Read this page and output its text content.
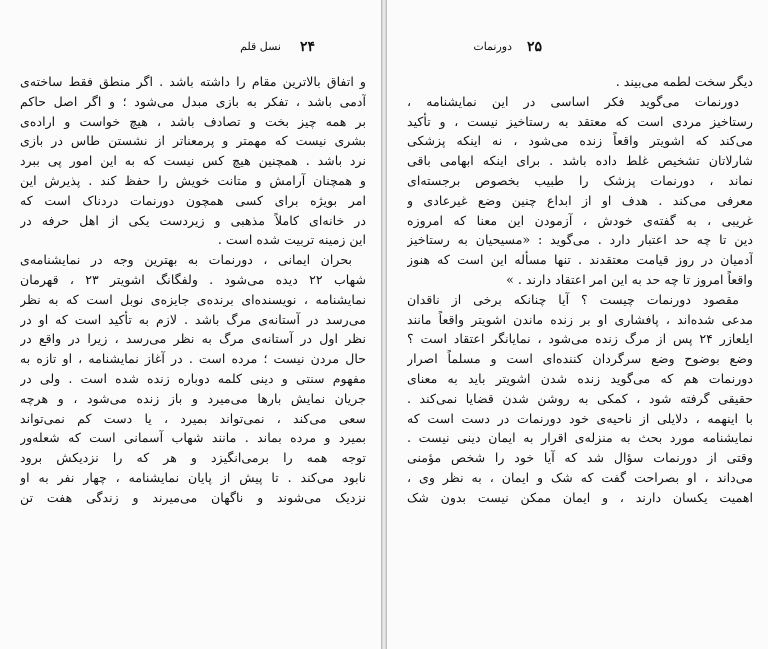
۲۴
نسل قلم
و اتفاق بالاترین مقام را داشته باشد . اگر منطق فقط ساخته‌ی
آدمی باشد ، تفکر به بازی مبدل می‌شود ؛ و اگر اصل حاکم
بر همه چیز بخت و تصادف باشد ، هیچ خواست و اراده‌ی
بشری نیست که مهمتر و پرمعناتر از نشستن طاس در بازی
نرد باشد . همچنین هیچ کس نیست که به این امور پی ببرد
و همچنان آرامش و متانت خویش را حفظ کند . پذیرش این
امر بویژه برای کسی همچون دورنمات دردناک است که
در خانه‌ای کاملاً مذهبی و زیردست یکی از اهل حرفه در
این زمینه تربیت شده است .
بحران ایمانی ، دورنمات به بهترین وجه در نمایشنامه‌ی
شهاب ۲۲ دیده می‌شود . ولفگانگ اشویتر ۲۳ ، قهرمان
نمایشنامه ، نویسنده‌ای برنده‌ی جایزه‌ی نوبل است که به نظر
می‌رسد در آستانه‌ی مرگ باشد . لازم به تأکید است که او در
نظر اول در آستانه‌ی مرگ به نظر می‌رسد ، زیرا در واقع در
حال مردن نیست ؛ مرده است . در آغاز نمایشنامه ، او تازه به
مفهوم سنتی و دینی کلمه دوباره زنده شده است . ولی در
جریان نمایش بارها می‌میرد و باز زنده می‌شود ، و هرچه
سعی می‌کند ، نمی‌تواند بمیرد ، یا دست کم نمی‌تواند
بمیرد و مرده بماند . مانند شهاب آسمانی است که شعله‌ور
توجه همه را برمی‌انگیزد و هر که را نزدیکش برود
نابود می‌کند . تا پیش از پایان نمایشنامه ، چهار نفر به او
نزدیک می‌شوند و ناگهان می‌میرند و زندگی هفت تن
۲۵
دورنمات
دیگر سخت لطمه می‌بیند .
دورنمات می‌گوید فکر اساسی در این نمایشنامه ،
رستاخیز مردی است که معتقد به رستاخیز نیست ، و تأکید
می‌کند که اشویتر واقعاً زنده می‌شود ، نه اینکه پزشکی
شارلاتان تشخیص غلط داده باشد . برای اینکه ابهامی باقی
نماند ، دورنمات پزشک را طبیب بخصوص برجسته‌ای
معرفی می‌کند . هدف او از ابداع چنین وضع غیرعادی و
غریبی ، به گفته‌ی خودش ، آزمودن این معنا که امروزه
دین تا چه حد اعتبار دارد . می‌گوید : «مسیحیان به رستاخیز
آدمیان در روز قیامت معتقدند . تنها مسأله این است که هنوز
واقعاً امروز تا چه حد به این امر اعتقاد دارند . »
مقصود دورنمات چیست ؟ آیا چنانکه برخی از ناقدان
مدعی شده‌اند ، پافشاری او بر زنده ماندن اشویتر واقعاً مانند
ایلعازر ۲۴ پس از مرگ زنده می‌شود ، نمایانگر اعتقاد است ؟
وضع بوضوح وضع سرگردان کننده‌ای است و مسلماً اصرار
دورنمات هم که می‌گوید زنده شدن اشویتر باید به معنای
حقیقی گرفته شود ، کمکی به روشن شدن قضایا نمی‌کند .
با اینهمه ، دلایلی از ناحیه‌ی خود دورنمات در دست است که
نمایشنامه مورد بحث به منزله‌ی اقرار به ایمان دینی نیست .
وقتی از دورنمات سؤال شد که آیا خود را شخص مؤمنی
می‌داند ، او بصراحت گفت که شک و ایمان ، به نظر وی ،
اهمیت یکسان دارند ، و ایمان ممکن نیست بدون شک
